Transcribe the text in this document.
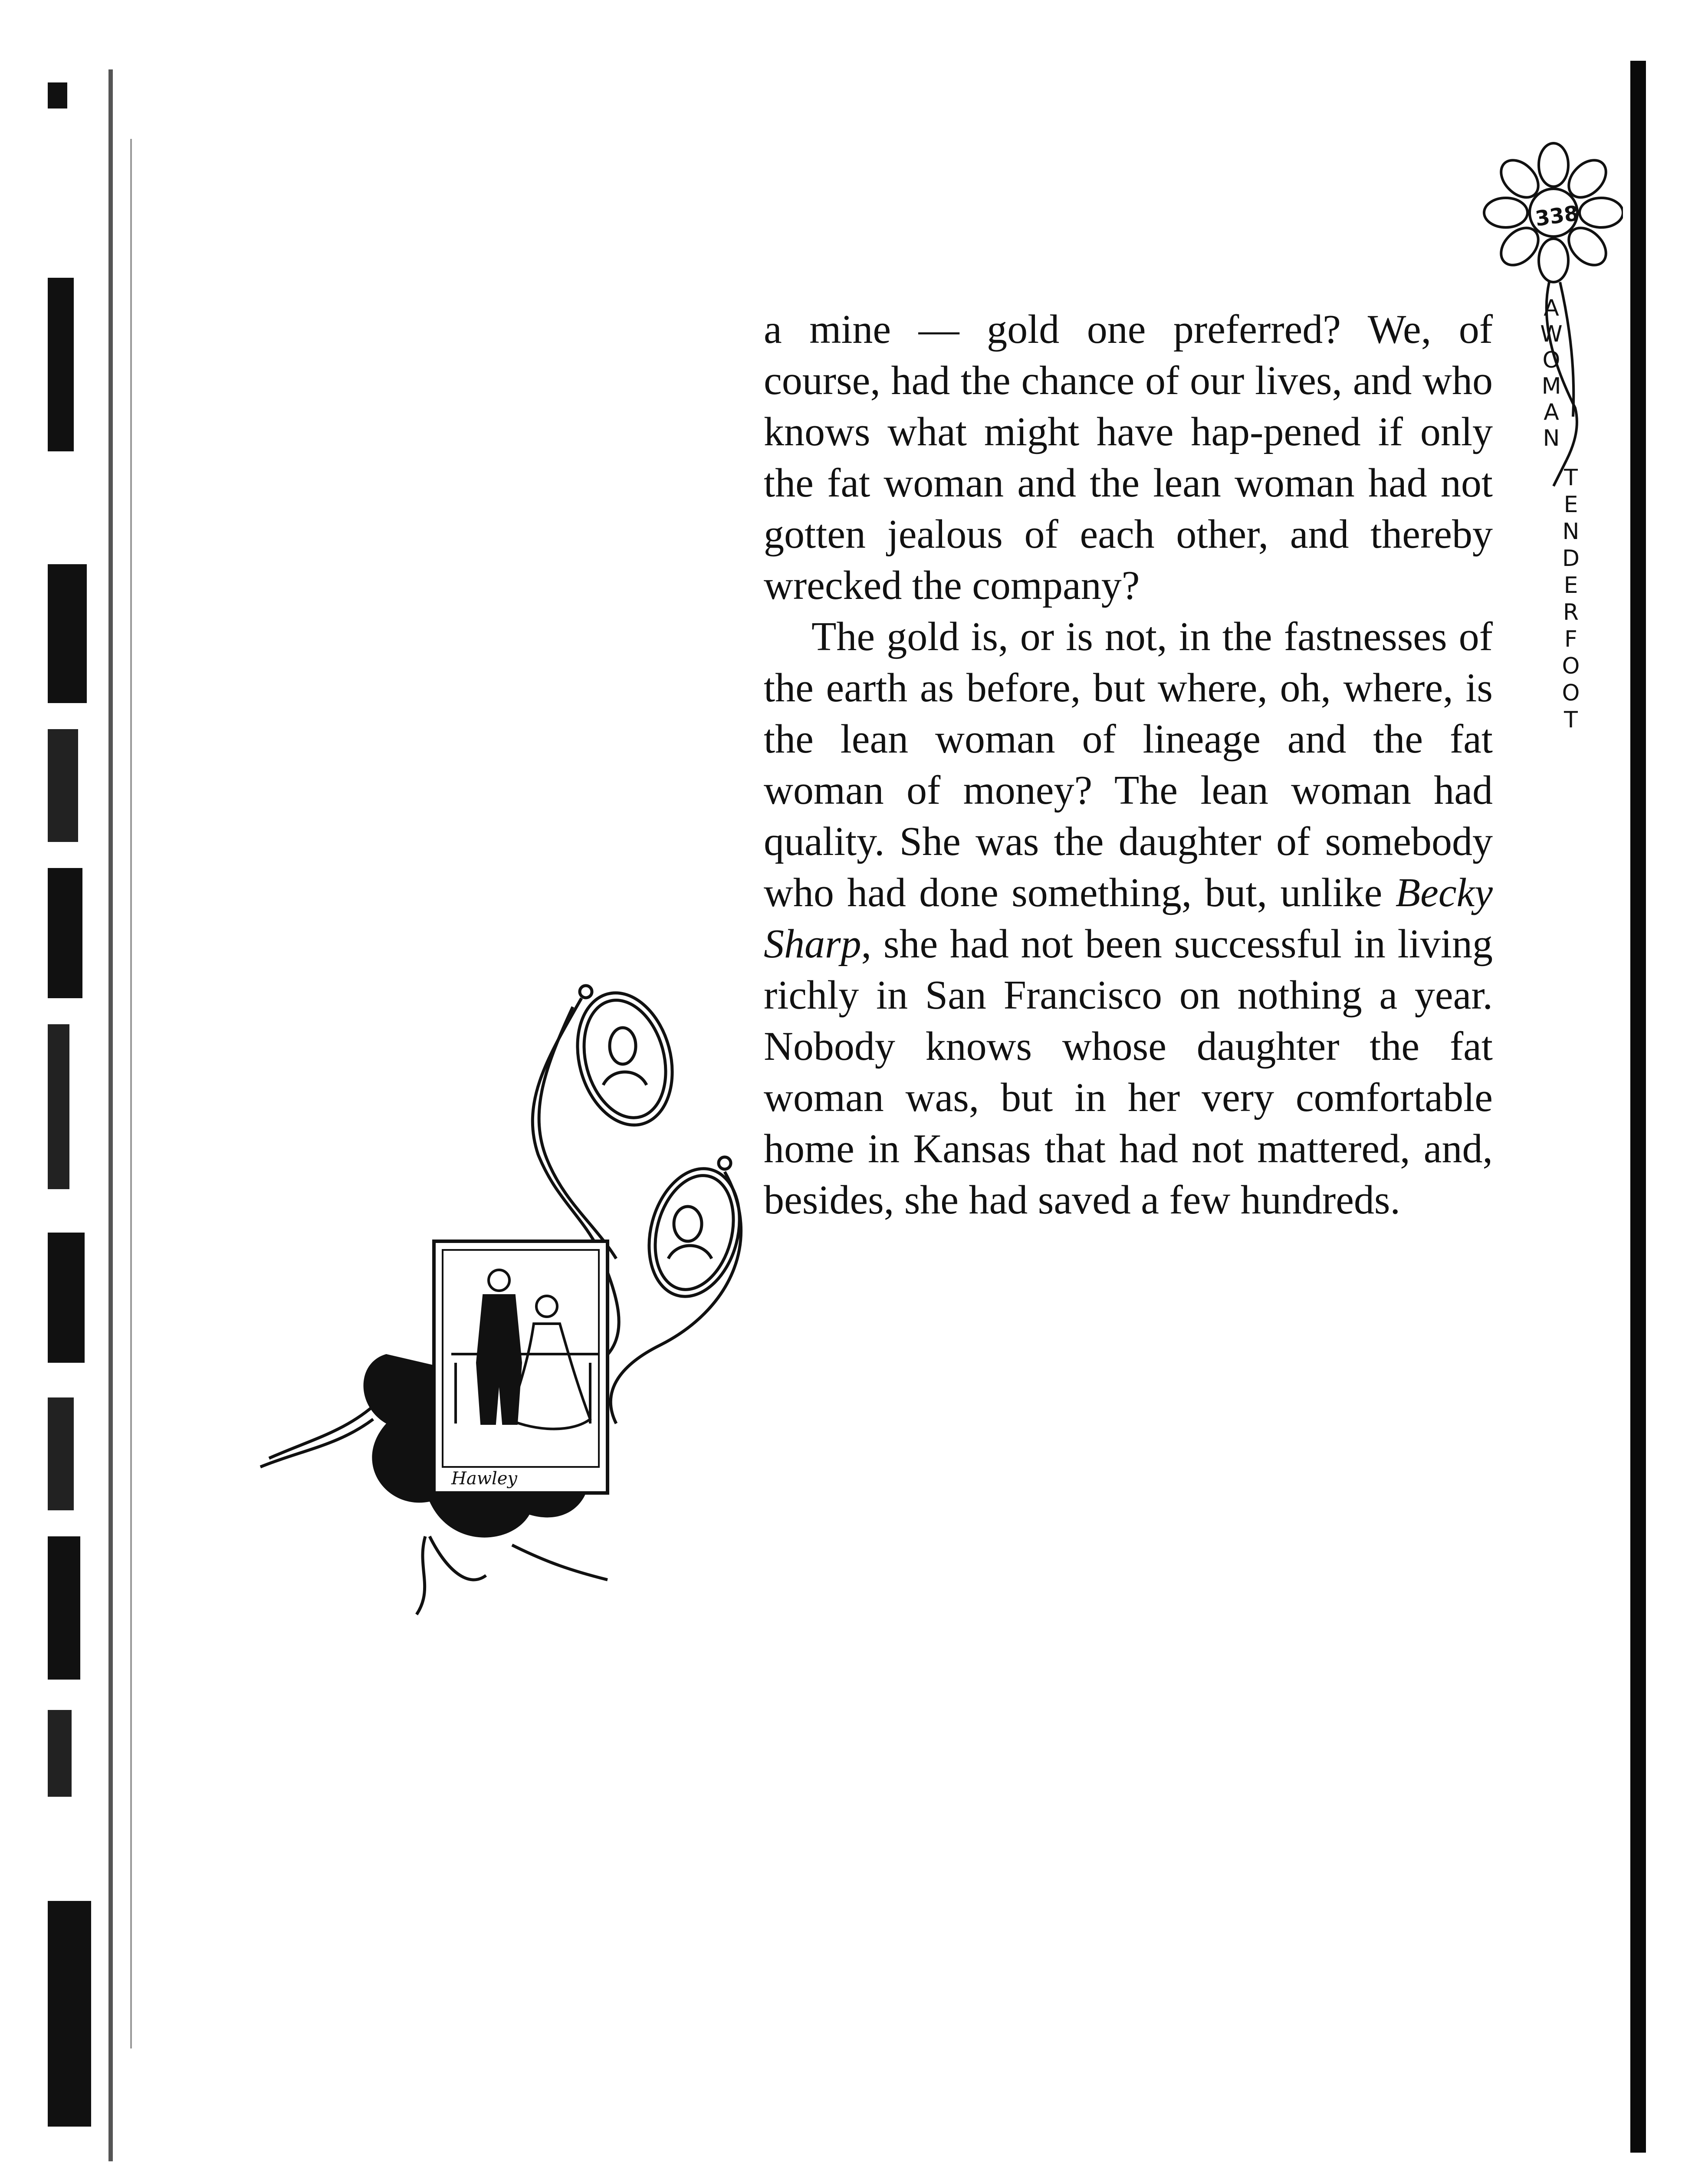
338
A WOMAN
TENDERFOOT

a mine — gold one preferred? We, of course, had the chance of our lives, and who knows what might have hap-pened if only the fat woman and the lean woman had not gotten jealous of each other, and thereby wrecked the company?

The gold is, or is not, in the fastnesses of the earth as before, but where, oh, where, is the lean woman of lineage and the fat woman of money? The lean woman had quality. She was the daughter of somebody who had done something, but, unlike Becky Sharp, she had not been successful in living richly in San Francisco on nothing a year. Nobody knows whose daughter the fat woman was, but in her very comfortable home in Kansas that had not mattered, and, besides, she had saved a few hundreds.

Hawley
